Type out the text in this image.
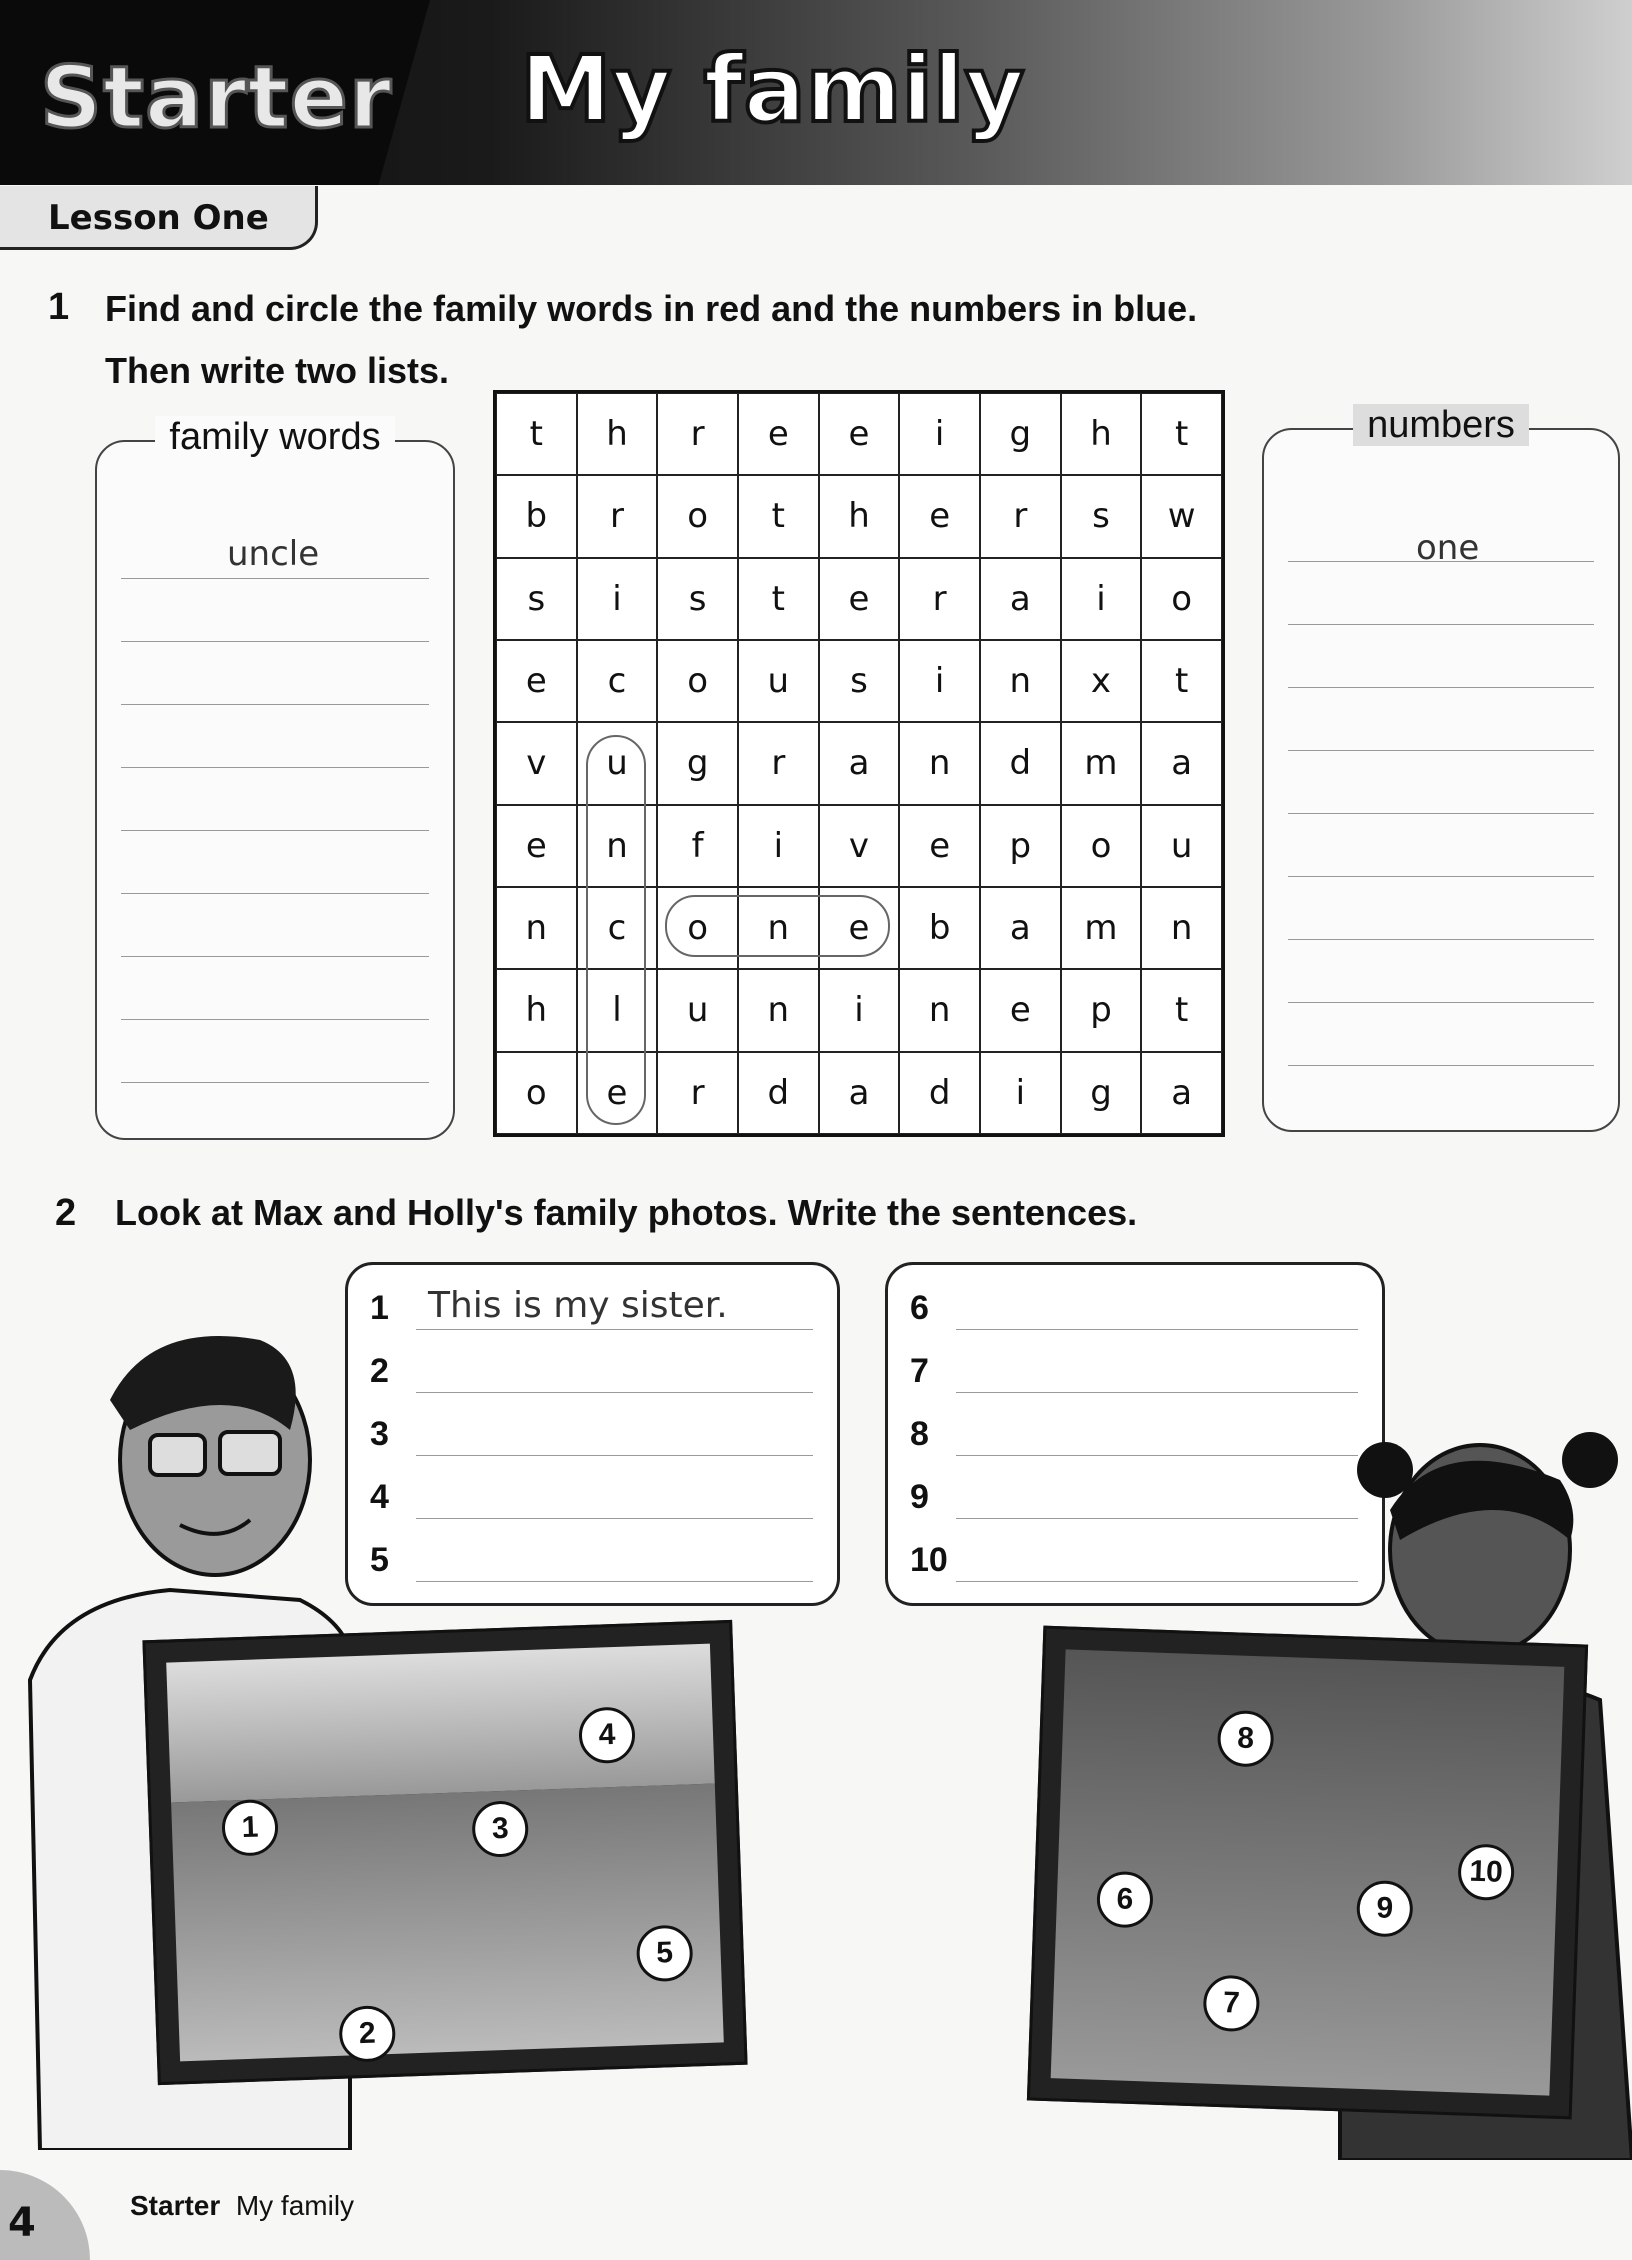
Starter My family
Lesson One
1 Find and circle the family words in red and the numbers in blue.
Then write two lists.
family words
uncle
t	h	r	e	e	i	g	h	t
b	r	o	t	h	e	r	s	w
s	i	s	t	e	r	a	i	o
e	c	o	u	s	i	n	x	t
v	u	g	r	a	n	d	m	a
e	n	f	i	v	e	p	o	u
n	c	o	n	e	b	a	m	n
h	l	u	n	i	n	e	p	t
o	e	r	d	a	d	i	g	a
numbers
one
2 Look at Max and Holly's family photos. Write the sentences.
1 This is my sister.
2
3
4
5
6
7
8
9
10
1
2
3
4
5
6
7
8
9
10
4	Starter My family
